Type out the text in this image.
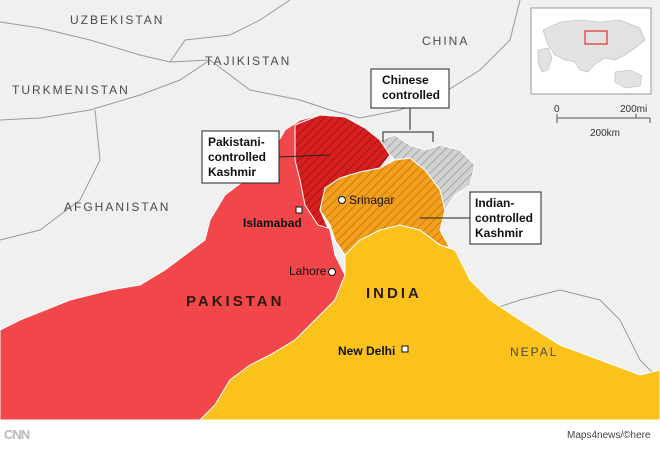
UZBEKISTAN
TAJIKISTAN
TURKMENISTAN
AFGHANISTAN
CHINA
NEPAL
PAKISTAN	INDIA
Islamabad
Srinagar
Lahore
New Delhi
Chinese
controlled
Pakistani-
controlled
Kashmir
Indian-
controlled
Kashmir
0	200mi
200km
CNN	Maps4news/©here
